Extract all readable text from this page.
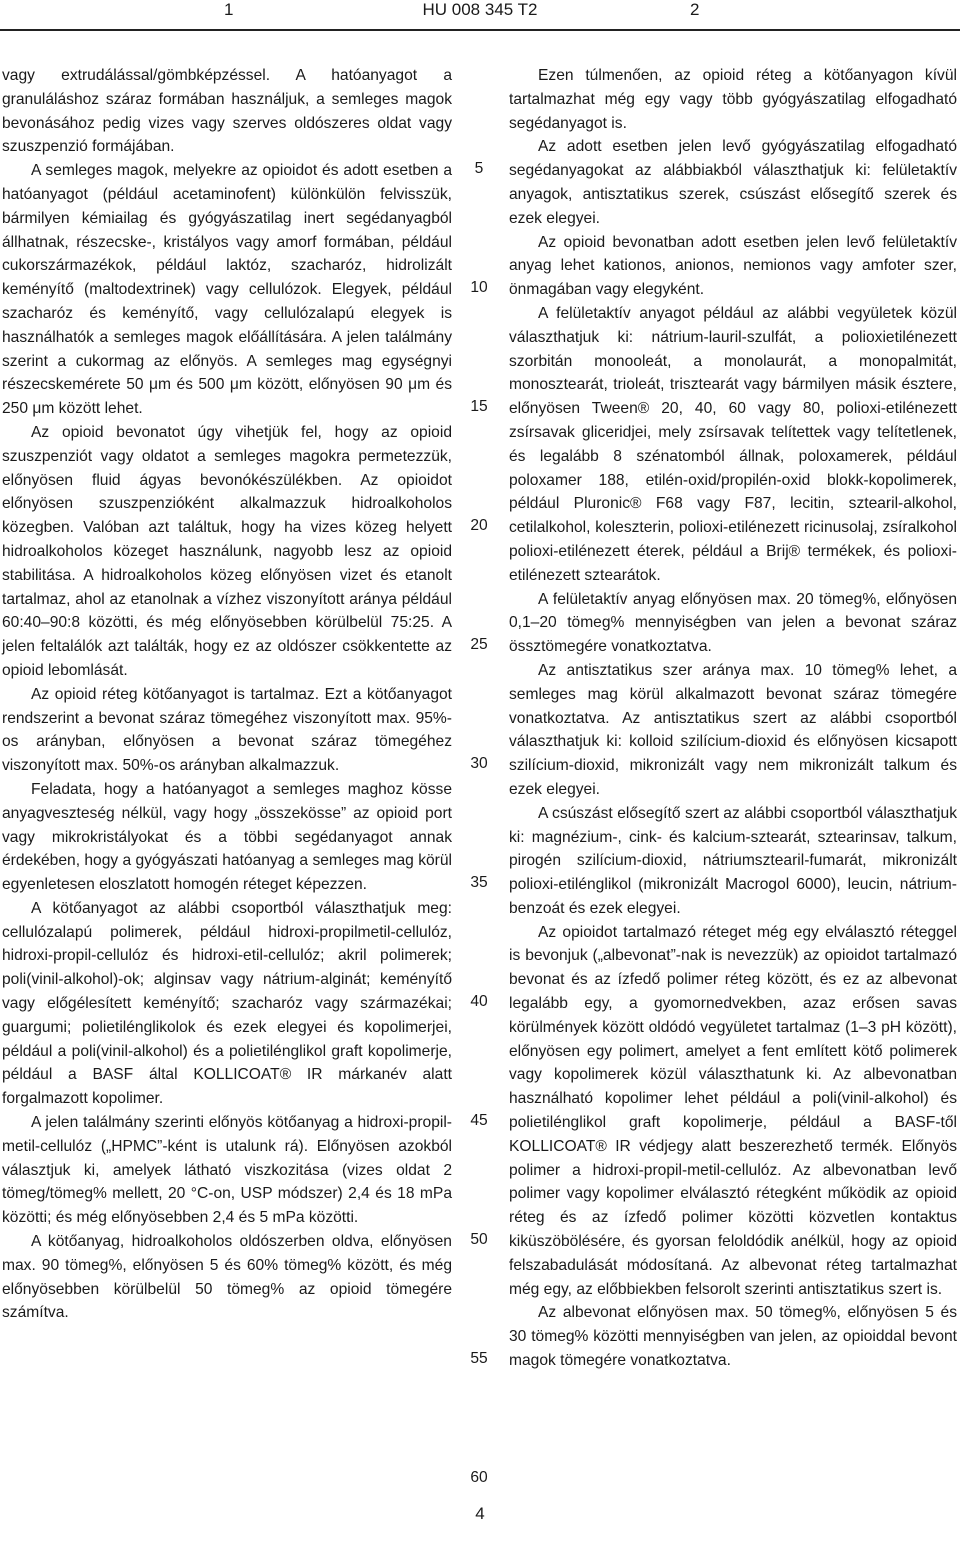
1	HU 008 345 T2	2

vagy extrudálással/gömbképzéssel. A hatóanyagot a granuláláshoz száraz formában használjuk, a semleges magok bevonásához pedig vizes vagy szerves oldószeres oldat vagy szuszpenzió formájában.

A semleges magok, melyekre az opioidot és adott esetben a hatóanyagot (például acetaminofent) különkülön felvisszük, bármilyen kémiailag és gyógyászatilag inert segédanyagból állhatnak, részecske-, kristályos vagy amorf formában, például cukorszármazékok, például laktóz, szacharóz, hidrolizált keményítő (maltodextrinek) vagy cellulózok. Elegyek, például szacharóz és keményítő, vagy cellulózalapú elegyek is használhatók a semleges magok előállítására. A jelen találmány szerint a cukormag az előnyös. A semleges mag egységnyi részecskemérete 50 μm és 500 μm között, előnyösen 90 μm és 250 μm között lehet.

Az opioid bevonatot úgy vihetjük fel, hogy az opioid szuszpenziót vagy oldatot a semleges magokra permetezzük, előnyösen fluid ágyas bevonókészülékben. Az opioidot előnyösen szuszpenzióként alkalmazzuk hidroalkoholos közegben. Valóban azt találtuk, hogy ha vizes közeg helyett hidroalkoholos közeget használunk, nagyobb lesz az opioid stabilitása. A hidroalkoholos közeg előnyösen vizet és etanolt tartalmaz, ahol az etanolnak a vízhez viszonyított aránya például 60:40–90:8 közötti, és még előnyösebben körülbelül 75:25. A jelen feltalálók azt találták, hogy ez az oldószer csökkentette az opioid lebomlását.

Az opioid réteg kötőanyagot is tartalmaz. Ezt a kötőanyagot rendszerint a bevonat száraz tömegéhez viszonyított max. 95%-os arányban, előnyösen a bevonat száraz tömegéhez viszonyított max. 50%-os arányban alkalmazzuk.

Feladata, hogy a hatóanyagot a semleges maghoz kösse anyagveszteség nélkül, vagy hogy „összekösse” az opioid port vagy mikrokristályokat és a többi segédanyagot annak érdekében, hogy a gyógyászati hatóanyag a semleges mag körül egyenletesen eloszlatott homogén réteget képezzen.

A kötőanyagot az alábbi csoportból választhatjuk meg: cellulózalapú polimerek, például hidroxi-propilmetil-cellulóz, hidroxi-propil-cellulóz és hidroxi-etil-cellulóz; akril polimerek; poli(vinil-alkohol)-ok; alginsav vagy nátrium-alginát; keményítő vagy előgélesített keményítő; szacharóz vagy származékai; guargumi; polietilénglikolok és ezek elegyei és kopolimerjei, például a poli(vinil-alkohol) és a polietilénglikol graft kopolimerje, például a BASF által KOLLICOAT® IR márkanév alatt forgalmazott kopolimer.

A jelen találmány szerinti előnyös kötőanyag a hidroxi-propil-metil-cellulóz („HPMC”-ként is utalunk rá). Előnyösen azokból választjuk ki, amelyek látható viszkozitása (vizes oldat 2 tömeg/tömeg% mellett, 20 °C-on, USP módszer) 2,4 és 18 mPa közötti; és még előnyösebben 2,4 és 5 mPa közötti.

A kötőanyag, hidroalkoholos oldószerben oldva, előnyösen max. 90 tömeg%, előnyösen 5 és 60% tömeg% között, és még előnyösebben körülbelül 50 tömeg% az opioid tömegére számítva.

5
10
15
20
25
30
35
40
45
50
55
60

Ezen túlmenően, az opioid réteg a kötőanyagon kívül tartalmazhat még egy vagy több gyógyászatilag elfogadható segédanyagot is.

Az adott esetben jelen levő gyógyászatilag elfogadható segédanyagokat az alábbiakból választhatjuk ki: felületaktív anyagok, antisztatikus szerek, csúszást elősegítő szerek és ezek elegyei.

Az opioid bevonatban adott esetben jelen levő felületaktív anyag lehet kationos, anionos, nemionos vagy amfoter szer, önmagában vagy elegyként.

A felületaktív anyagot például az alábbi vegyületek közül választhatjuk ki: nátrium-lauril-szulfát, a polioxietilénezett szorbitán monooleát, a monolaurát, a monopalmitát, monosztearát, trioleát, trisztearát vagy bármilyen másik észtere, előnyösen Tween® 20, 40, 60 vagy 80, polioxi-etilénezett zsírsavak gliceridjei, mely zsírsavak telítettek vagy telítetlenek, és legalább 8 szénatomból állnak, poloxamerek, például poloxamer 188, etilén-oxid/propilén-oxid blokk-kopolimerek, például Pluronic® F68 vagy F87, lecitin, sztearil-alkohol, cetilalkohol, koleszterin, polioxi-etilénezett ricinusolaj, zsíralkohol polioxi-etilénezett éterek, például a Brij® termékek, és polioxi-etilénezett sztearátok.

A felületaktív anyag előnyösen max. 20 tömeg%, előnyösen 0,1–20 tömeg% mennyiségben van jelen a bevonat száraz össztömegére vonatkoztatva.

Az antisztatikus szer aránya max. 10 tömeg% lehet, a semleges mag körül alkalmazott bevonat száraz tömegére vonatkoztatva. Az antisztatikus szert az alábbi csoportból választhatjuk ki: kolloid szilícium-dioxid és előnyösen kicsapott szilícium-dioxid, mikronizált vagy nem mikronizált talkum és ezek elegyei.

A csúszást elősegítő szert az alábbi csoportból választhatjuk ki: magnézium-, cink- és kalcium-sztearát, sztearinsav, talkum, pirogén szilícium-dioxid, nátriumsztearil-fumarát, mikronizált polioxi-etilénglikol (mikronizált Macrogol 6000), leucin, nátrium-benzoát és ezek elegyei.

Az opioidot tartalmazó réteget még egy elválasztó réteggel is bevonjuk („albevonat”-nak is nevezzük) az opioidot tartalmazó bevonat és az ízfedő polimer réteg között, és ez az albevonat legalább egy, a gyomornedvekben, azaz erősen savas körülmények között oldódó vegyületet tartalmaz (1–3 pH között), előnyösen egy polimert, amelyet a fent említett kötő polimerek vagy kopolimerek közül választhatunk ki. Az albevonatban használható kopolimer lehet például a poli(vinil-alkohol) és polietilénglikol graft kopolimerje, például a BASF-től KOLLICOAT® IR védjegy alatt beszerezhető termék. Előnyös polimer a hidroxi-propil-metil-cellulóz. Az albevonatban levő polimer vagy kopolimer elválasztó rétegként működik az opioid réteg és az ízfedő polimer közötti közvetlen kontaktus kiküszöbölésére, és gyorsan feloldódik anélkül, hogy az opioid felszabadulását módosítaná. Az albevonat réteg tartalmazhat még egy, az előbbiekben felsorolt szerinti antisztatikus szert is.

Az albevonat előnyösen max. 50 tömeg%, előnyösen 5 és 30 tömeg% közötti mennyiségben van jelen, az opioiddal bevont magok tömegére vonatkoztatva.

4
